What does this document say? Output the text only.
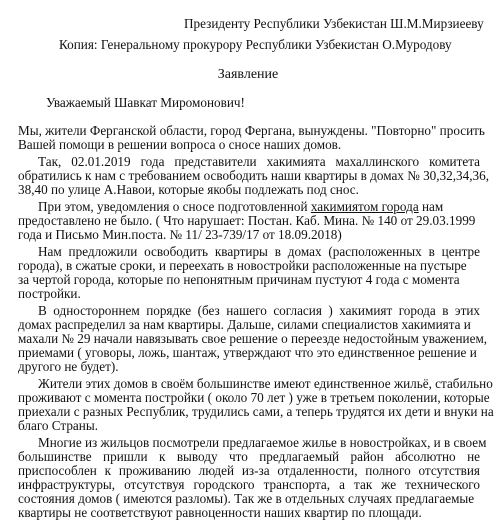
Президенту Республики Узбекистан Ш.М.Мирзиееву
Копия: Генеральному прокурору Республики Узбекистан О.Муродову
Заявление
Уважаемый Шавкат Миромонович!
Мы, жители Ферганской области, город Фергана, вынуждены. "Повторно" просить
Вашей помощи в решении вопроса о сносе наших домов.
Так, 02.01.2019 года представители хакимията махаллинского комитета
обратились к нам с требованием освободить наши квартиры в домах № 30,32,34,36,
38,40 по улице А.Навои, которые якобы подлежать под снос.
При этом, уведомления о сносе подготовленной хакимиятом города нам
предоставлено не было. ( Что нарушает: Постан. Каб. Мина. № 140 от 29.03.1999
года и Письмо Мин.поста. № 11/ 23-739/17 от 18.09.2018)
Нам предложили освободить квартиры в домах (расположенных в центре
города), в сжатые сроки, и переехать в новостройки расположенные на пустыре
за чертой города, которые по непонятным причинам пустуют 4 года с момента
постройки.
В одностороннем порядке (без нашего согласия ) хакимият города в этих
домах распределил за нам квартиры. Дальше, силами специалистов хакимията и
махали № 29 начали навязывать свое решение о переезде недостойным уважением,
приемами ( уговоры, ложь, шантаж, утверждают что это единственное решение и
другого не будет).
Жители этих домов в своём большинстве имеют единственное жильё, стабильно
проживают с момента постройки ( около 70 лет ) уже в третьем поколении, которые
приехали с разных Республик, трудились сами, а теперь трудятся их дети и внуки на
благо Страны.
Многие из жильцов посмотрели предлагаемое жилье в новостройках, и в своем
большинстве пришли к выводу что предлагаемый район абсолютно не
приспособлен к проживанию людей из-за отдаленности, полного отсутствия
инфраструктуры, отсутствуя городского транспорта, а так же технического
состояния домов ( имеются разломы). Так же в отдельных случаях предлагаемые
квартиры не соответствуют равноценности наших квартир по площади.
